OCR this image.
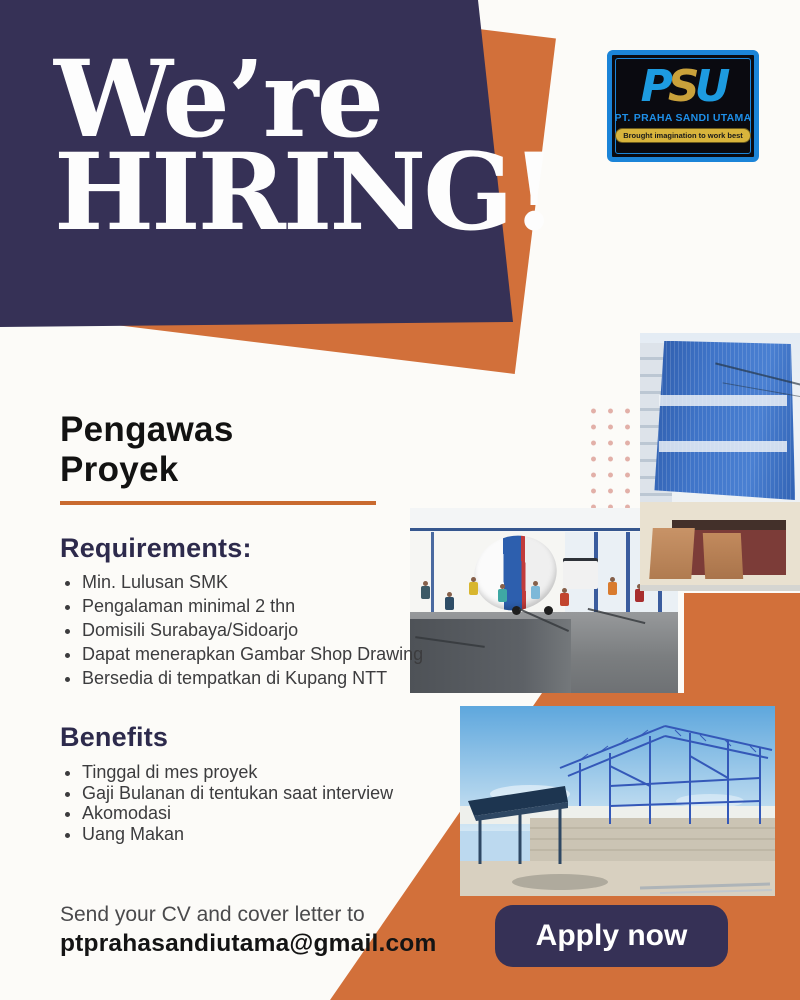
We’re
HIRING!
PSU
PT. PRAHA SANDI UTAMA
Brought imagination to work best
Pengawas
Proyek
Requirements:
• Min. Lulusan SMK
• Pengalaman minimal 2 thn
• Domisili Surabaya/Sidoarjo
• Dapat menerapkan Gambar Shop Drawing
• Bersedia di tempatkan di Kupang NTT
Benefits
• Tinggal di mes proyek
• Gaji Bulanan di tentukan saat interview
• Akomodasi
• Uang Makan
Send your CV and cover letter to
ptprahasandiutama@gmail.com	Apply now
